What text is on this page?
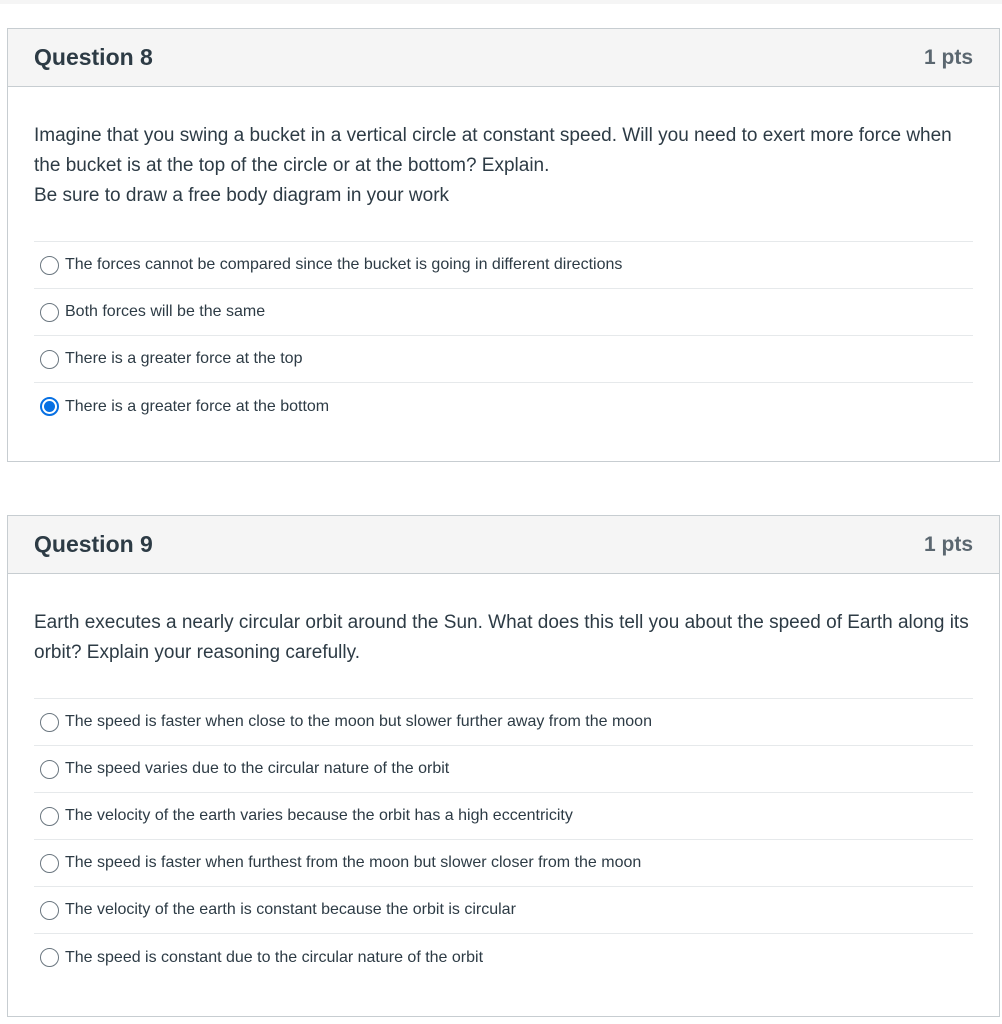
Question 8	1 pts

Imagine that you swing a bucket in a vertical circle at constant speed. Will you need to exert more force when the bucket is at the top of the circle or at the bottom? Explain.
Be sure to draw a free body diagram in your work

The forces cannot be compared since the bucket is going in different directions
Both forces will be the same
There is a greater force at the top
There is a greater force at the bottom
Question 9	1 pts

Earth executes a nearly circular orbit around the Sun. What does this tell you about the speed of Earth along its orbit? Explain your reasoning carefully.

The speed is faster when close to the moon but slower further away from the moon
The speed varies due to the circular nature of the orbit
The velocity of the earth varies because the orbit has a high eccentricity
The speed is faster when furthest from the moon but slower closer from the moon
The velocity of the earth is constant because the orbit is circular
The speed is constant due to the circular nature of the orbit
